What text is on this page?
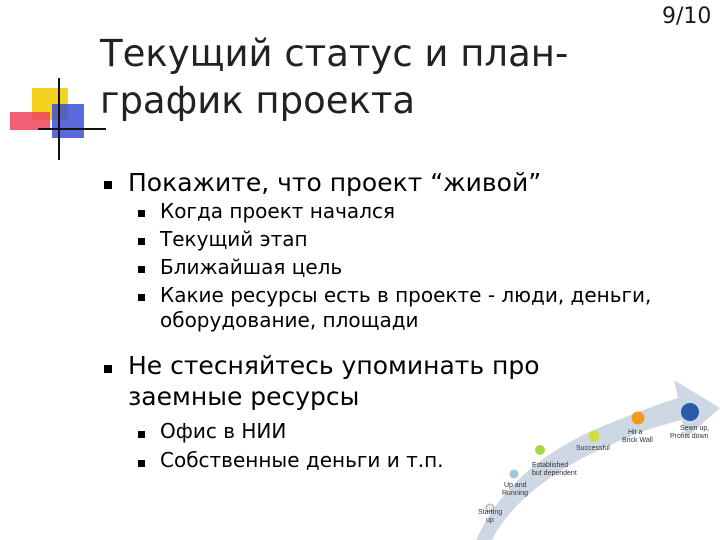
9/10
Текущий статус и план-
график проекта
Покажите, что проект “живой”
Когда проект начался
Текущий этап
Ближайшая цель
Какие ресурсы есть в проекте - люди, деньги,
оборудование, площади
Не стесняйтесь упоминать про
заемные ресурсы
Офис в НИИ
Собственные деньги и т.п.
Starting
up
Up and
Running
Established
but dependent
Successful
Hit a
Brick Wall
Sewn up,
Profits down
